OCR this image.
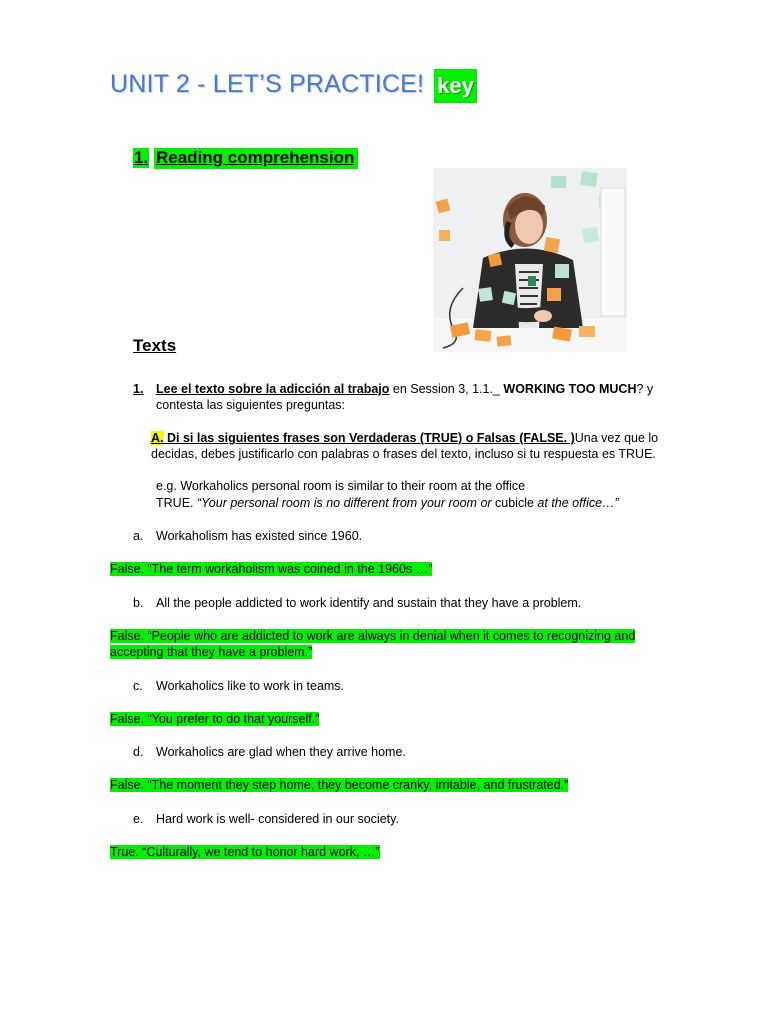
UNIT 2 - LET’S PRACTICE! key
1. Reading comprehension
Texts
1. Lee el texto sobre la adicción al trabajo en Session 3, 1.1._ WORKING TOO MUCH? y contesta las siguientes preguntas:
A. Di si las siguientes frases son Verdaderas (TRUE) o Falsas (FALSE. )Una vez que lo decidas, debes justificarlo con palabras o frases del texto, incluso si tu respuesta es TRUE.
e.g. Workaholics personal room is similar to their room at the office
TRUE. “Your personal room is no different from your room or cubicle at the office…”
a. Workaholism has existed since 1960.
False. “The term workaholism was coined in the 1960s …”
b. All the people addicted to work identify and sustain that they have a problem.
False. “People who are addicted to work are always in denial when it comes to recognizing and
accepting that they have a problem.”
c. Workaholics like to work in teams.
False. “You prefer to do that yourself.”
d. Workaholics are glad when they arrive home.
False. “The moment they step home, they become cranky, irritable, and frustrated.”
e. Hard work is well- considered in our society.
True. “Culturally, we tend to honor hard work, …”
